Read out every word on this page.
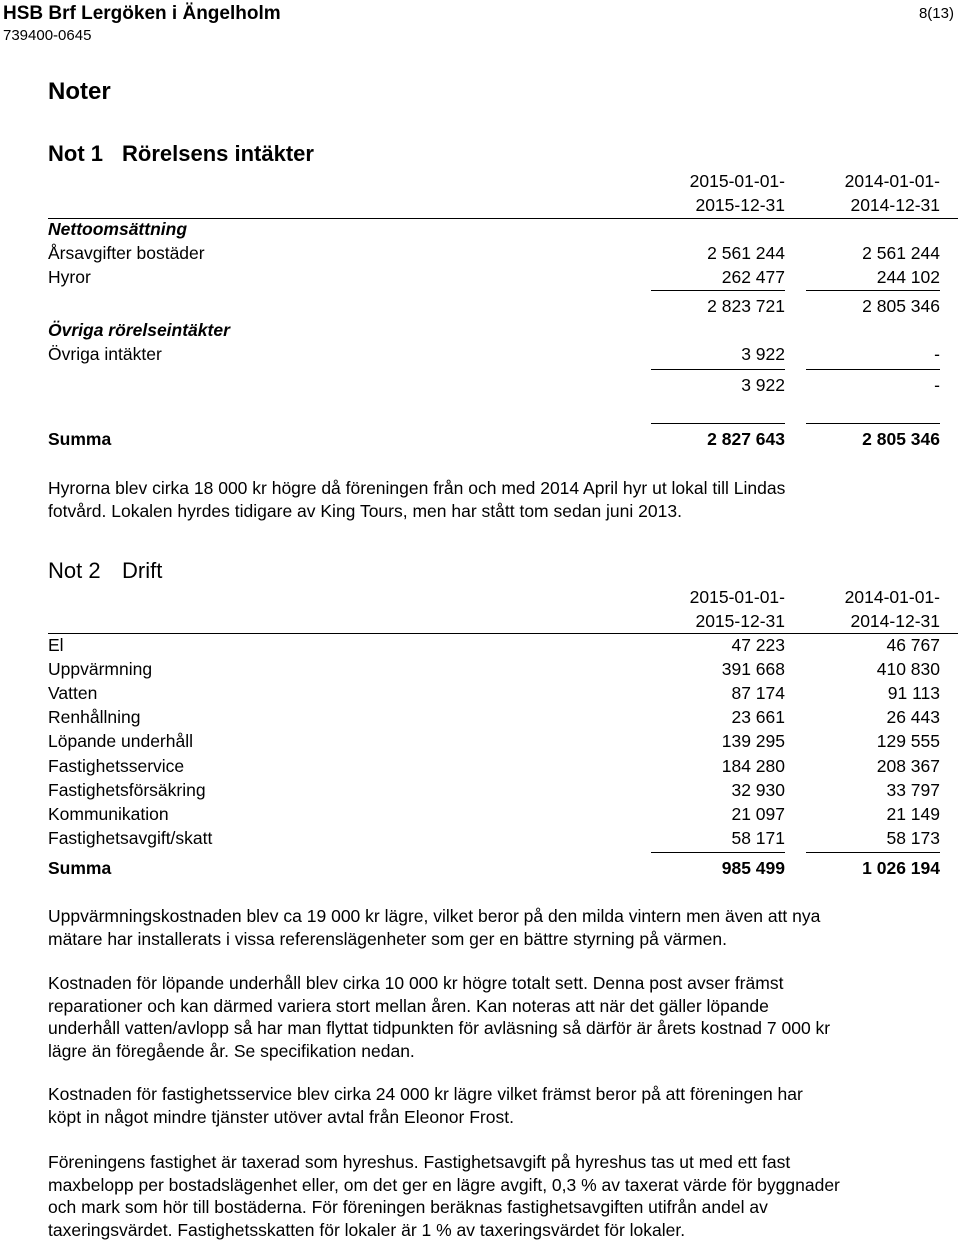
HSB Brf Lergöken i Ängelholm
739400-0645
8(13)
Noter
Not 1 Rörelsens intäkter
2015-01-01-
2015-12-31
2014-01-01-
2014-12-31
Nettoomsättning
Årsavgifter bostäder	2 561 244	2 561 244
Hyror	262 477	244 102
2 823 721	2 805 346
Övriga rörelseintäkter
Övriga intäkter	3 922	-
3 922	-
Summa	2 827 643	2 805 346
Hyrorna blev cirka 18 000 kr högre då föreningen från och med 2014 April hyr ut lokal till Lindas
fotvård. Lokalen hyrdes tidigare av King Tours, men har stått tom sedan juni 2013.
Not 2 Drift
2015-01-01-
2015-12-31
2014-01-01-
2014-12-31
El	47 223	46 767
Uppvärmning	391 668	410 830
Vatten	87 174	91 113
Renhållning	23 661	26 443
Löpande underhåll	139 295	129 555
Fastighetsservice	184 280	208 367
Fastighetsförsäkring	32 930	33 797
Kommunikation	21 097	21 149
Fastighetsavgift/skatt	58 171	58 173
Summa	985 499	1 026 194
Uppvärmningskostnaden blev ca 19 000 kr lägre, vilket beror på den milda vintern men även att nya
mätare har installerats i vissa referenslägenheter som ger en bättre styrning på värmen.
Kostnaden för löpande underhåll blev cirka 10 000 kr högre totalt sett. Denna post avser främst
reparationer och kan därmed variera stort mellan åren. Kan noteras att när det gäller löpande
underhåll vatten/avlopp så har man flyttat tidpunkten för avläsning så därför är årets kostnad 7 000 kr
lägre än föregående år. Se specifikation nedan.
Kostnaden för fastighetsservice blev cirka 24 000 kr lägre vilket främst beror på att föreningen har
köpt in något mindre tjänster utöver avtal från Eleonor Frost.
Föreningens fastighet är taxerad som hyreshus. Fastighetsavgift på hyreshus tas ut med ett fast
maxbelopp per bostadslägenhet eller, om det ger en lägre avgift, 0,3 % av taxerat värde för byggnader
och mark som hör till bostäderna. För föreningen beräknas fastighetsavgiften utifrån andel av
taxeringsvärdet. Fastighetsskatten för lokaler är 1 % av taxeringsvärdet för lokaler.
